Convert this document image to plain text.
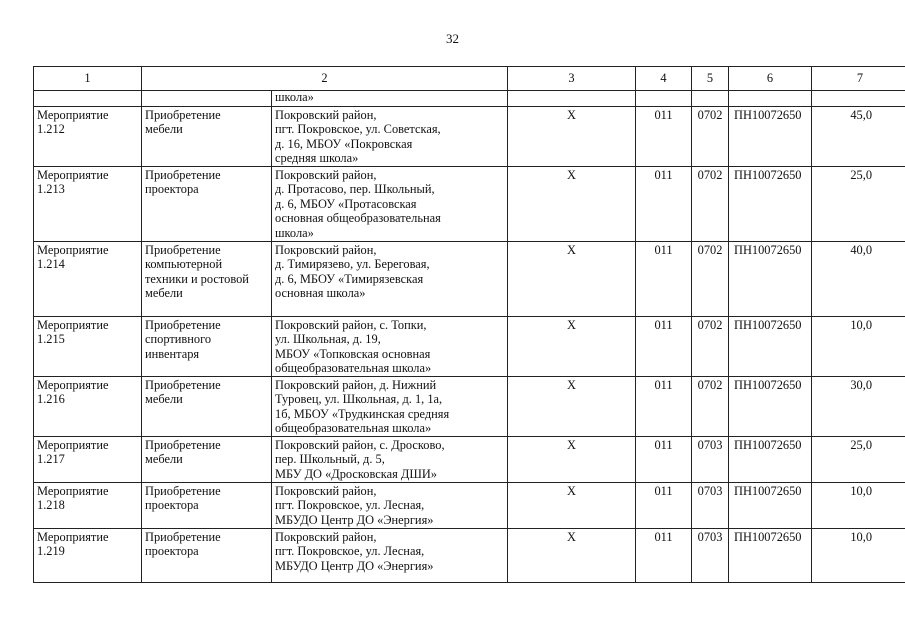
32
1	2		3	4	5	6	7

		школа»					

Мероприятие
1.212	Приобретение
мебели	Покровский район,
пгт. Покровское, ул. Советская,
д. 16, МБОУ «Покровская
средняя школа»	Х	011	0702	ПН10072650	45,0

Мероприятие
1.213	Приобретение
проектора	Покровский район,
д. Протасово, пер. Школьный,
д. 6, МБОУ «Протасовская
основная общеобразовательная
школа»	Х	011	0702	ПН10072650	25,0

Мероприятие
1.214	Приобретение
компьютерной
техники и ростовой
мебели	Покровский район,
д. Тимирязево, ул. Береговая,
д. 6, МБОУ «Тимирязевская
основная школа»	Х	011	0702	ПН10072650	40,0

Мероприятие
1.215	Приобретение
спортивного
инвентаря	Покровский район, с. Топки,
ул. Школьная, д. 19,
МБОУ «Топковская основная
общеобразовательная школа»	Х	011	0702	ПН10072650	10,0

Мероприятие
1.216	Приобретение
мебели	Покровский район, д. Нижний
Туровец, ул. Школьная, д. 1, 1а,
1б, МБОУ «Трудкинская средняя
общеобразовательная школа»	Х	011	0702	ПН10072650	30,0

Мероприятие
1.217	Приобретение
мебели	Покровский район, с. Дросково,
пер. Школьный, д. 5,
МБУ ДО «Дросковская ДШИ»	Х	011	0703	ПН10072650	25,0

Мероприятие
1.218	Приобретение
проектора	Покровский район,
пгт. Покровское, ул. Лесная,
МБУДО Центр ДО «Энергия»	Х	011	0703	ПН10072650	10,0

Мероприятие
1.219	Приобретение
проектора	Покровский район,
пгт. Покровское, ул. Лесная,
МБУДО Центр ДО «Энергия»	Х	011	0703	ПН10072650	10,0
